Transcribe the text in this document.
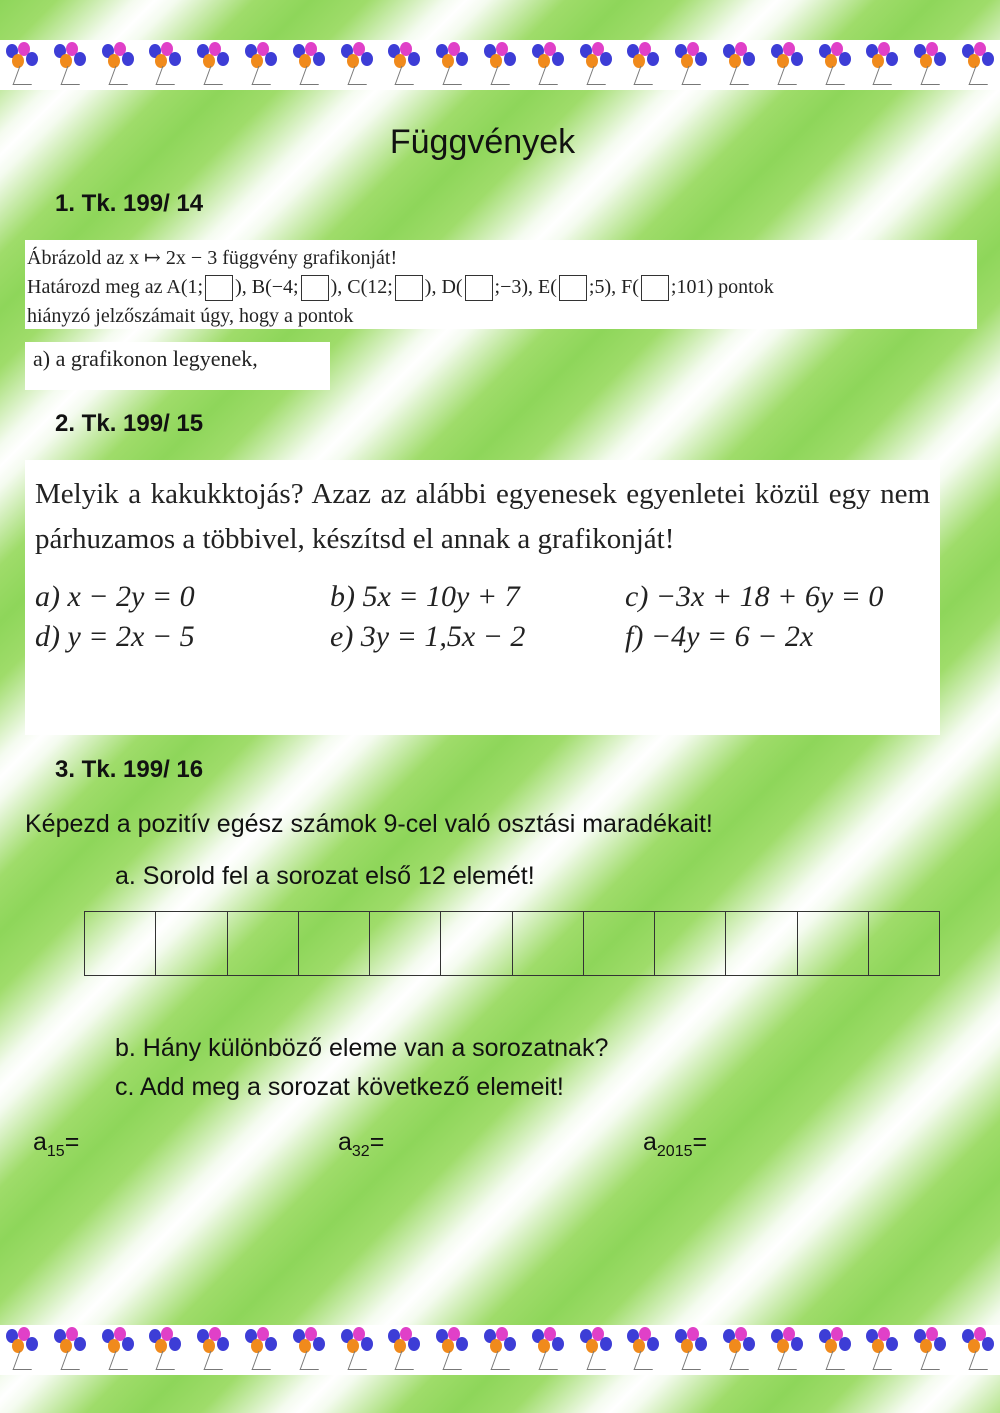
Függvények
1. Tk. 199/ 14
Ábrázold az x ↦ 2x − 3 függvény grafikonját!
Határozd meg az A(1; ), B(−4; ), C(12; ), D( ;−3), E( ;5), F( ;101) pontok
hiányzó jelzőszámait úgy, hogy a pontok
a) a grafikonon legyenek,
2. Tk. 199/ 15
Melyik a kakukktojás? Azaz az alábbi egyenesek egyenletei közül egy nem párhuzamos a többivel, készítsd el annak a grafikonját!
a) x − 2y = 0	b) 5x = 10y + 7	c) −3x + 18 + 6y = 0
d) y = 2x − 5	e) 3y = 1,5x − 2	f) −4y = 6 − 2x
3. Tk. 199/ 16
Képezd a pozitív egész számok 9-cel való osztási maradékait!
a. Sorold fel a sorozat első 12 elemét!

b. Hány különböző eleme van a sorozatnak?
c. Add meg a sorozat következő elemeit!
$a_{15}=$	$a_{32}=$	$a_{2015}=$
